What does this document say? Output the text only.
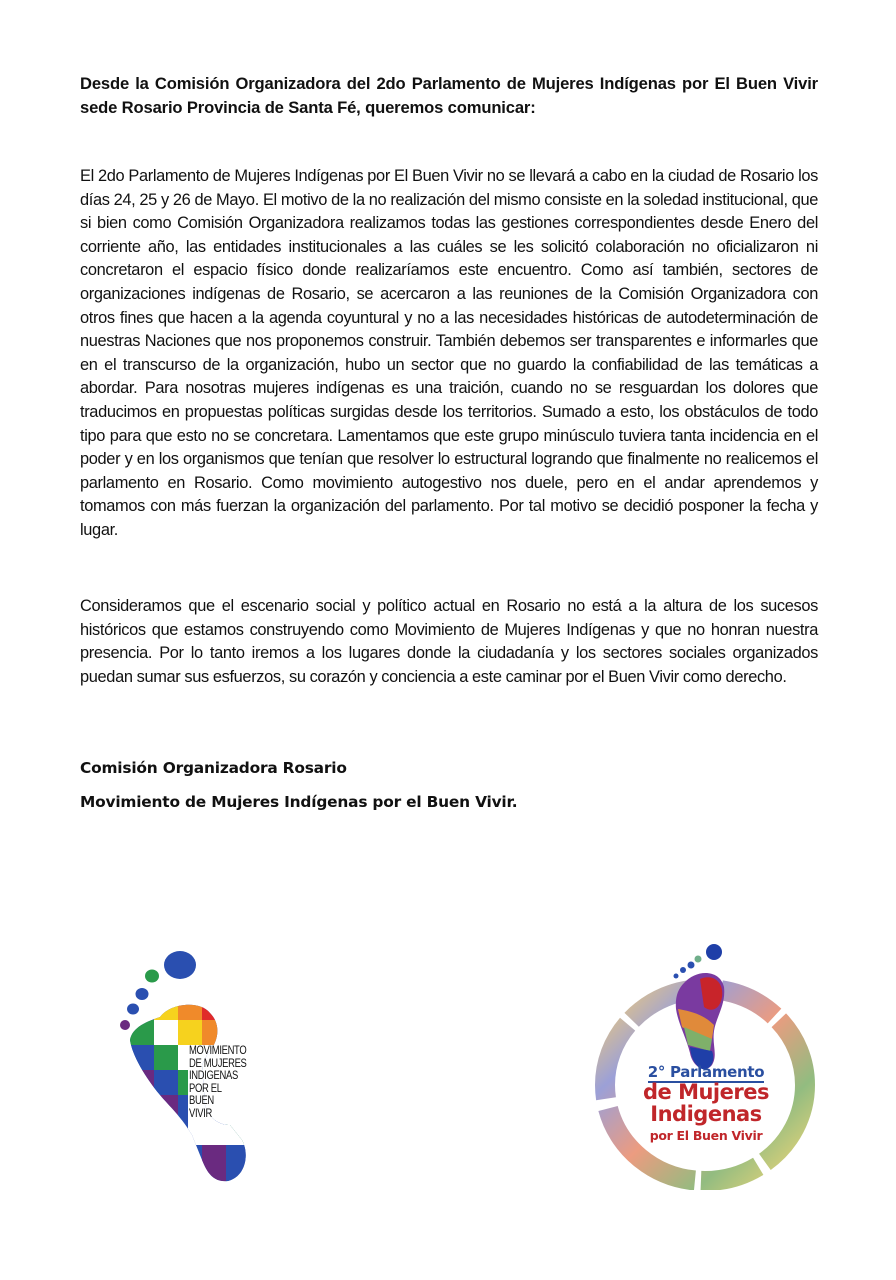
Desde la Comisión Organizadora del 2do Parlamento de Mujeres Indígenas por El Buen Vivir sede Rosario Provincia de Santa Fé, queremos comunicar:

El 2do Parlamento de Mujeres Indígenas por El Buen Vivir no se llevará a cabo en la ciudad de Rosario los días 24, 25 y 26 de Mayo. El motivo de la no realización del mismo consiste en la soledad institucional, que si bien como Comisión Organizadora realizamos todas las gestiones correspondientes desde Enero del corriente año, las entidades institucionales a las cuáles se les solicitó colaboración no oficializaron ni concretaron el espacio físico donde realizaríamos este encuentro. Como así también, sectores de organizaciones indígenas de Rosario, se acercaron a las reuniones de la Comisión Organizadora con otros fines que hacen a la agenda coyuntural y no a las necesidades históricas de autodeterminación de nuestras Naciones que nos proponemos construir. También debemos ser transparentes e informarles que en el transcurso de la organización, hubo un sector que no guardo la confiabilidad de las temáticas a abordar. Para nosotras mujeres indígenas es una traición, cuando no se resguardan los dolores que traducimos en propuestas políticas surgidas desde los territorios. Sumado a esto, los obstáculos de todo tipo para que esto no se concretara. Lamentamos que este grupo minúsculo tuviera tanta incidencia en el poder y en los organismos que tenían que resolver lo estructural logrando que finalmente no realicemos el parlamento en Rosario. Como movimiento autogestivo nos duele, pero en el andar aprendemos y tomamos con más fuerzan la organización del parlamento. Por tal motivo se decidió posponer la fecha y lugar.

Consideramos que el escenario social y político actual en Rosario no está a la altura de los sucesos históricos que estamos construyendo como Movimiento de Mujeres Indígenas y que no honran nuestra presencia. Por lo tanto iremos a los lugares donde la ciudadanía y los sectores sociales organizados puedan sumar sus esfuerzos, su corazón y conciencia a este caminar por el Buen Vivir como derecho.

Comisión Organizadora Rosario

Movimiento de Mujeres Indígenas por el Buen Vivir.

MOVIMIENTO
DE MUJERES
INDIGENAS
POR EL
BUEN
VIVIR
2° Parlamento
de Mujeres
Indigenas
por El Buen Vivir
